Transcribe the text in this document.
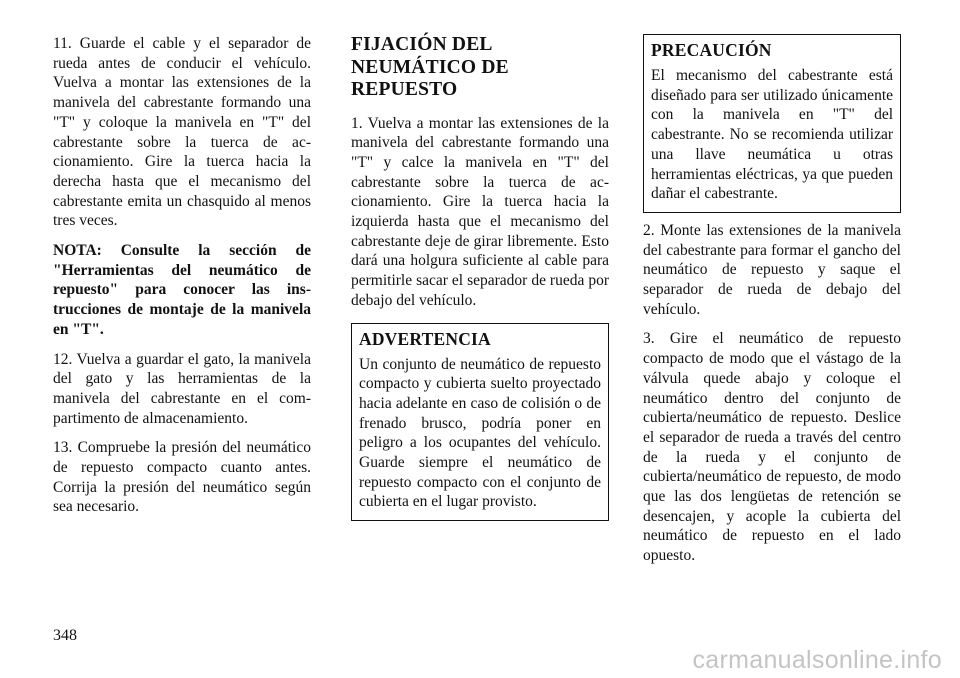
11. Guarde el cable y el separador de rueda antes de conducir el vehículo. Vuelva a montar las extensiones de la manivela del cabrestante formando una "T" y coloque la manivela en "T" del cabrestante sobre la tuerca de accionamiento. Gire la tuerca hacia la derecha hasta que el mecanismo del cabrestante emita un chasquido al menos tres veces.

NOTA: Consulte la sección de "Herramientas del neumático de repuesto" para conocer las instrucciones de montaje de la manivela en "T".

12. Vuelva a guardar el gato, la manivela del gato y las herramientas de la manivela del cabrestante en el compartimento de almacenamiento.

13. Compruebe la presión del neumático de repuesto compacto cuanto antes. Corrija la presión del neumático según sea necesario.

FIJACIÓN DEL NEUMÁTICO DE REPUESTO

1. Vuelva a montar las extensiones de la manivela del cabrestante formando una "T" y calce la manivela en "T" del cabrestante sobre la tuerca de accionamiento. Gire la tuerca hacia la izquierda hasta que el mecanismo del cabrestante deje de girar libremente. Esto dará una holgura suficiente al cable para permitirle sacar el separador de rueda por debajo del vehículo.

ADVERTENCIA

Un conjunto de neumático de repuesto compacto y cubierta suelto proyectado hacia adelante en caso de colisión o de frenado brusco, podría poner en peligro a los ocupantes del vehículo. Guarde siempre el neumático de repuesto compacto con el conjunto de cubierta en el lugar provisto.

PRECAUCIÓN

El mecanismo del cabestrante está diseñado para ser utilizado únicamente con la manivela en "T" del cabestrante. No se recomienda utilizar una llave neumática u otras herramientas eléctricas, ya que pueden dañar el cabestrante.

2. Monte las extensiones de la manivela del cabestrante para formar el gancho del neumático de repuesto y saque el separador de rueda de debajo del vehículo.

3. Gire el neumático de repuesto compacto de modo que el vástago de la válvula quede abajo y coloque el neumático dentro del conjunto de cubierta/neumático de repuesto. Deslice el separador de rueda a través del centro de la rueda y el conjunto de cubierta/neumático de repuesto, de modo que las dos lengüetas de retención se desencajen, y acople la cubierta del neumático de repuesto en el lado opuesto.

348
carmanualsonline.info
